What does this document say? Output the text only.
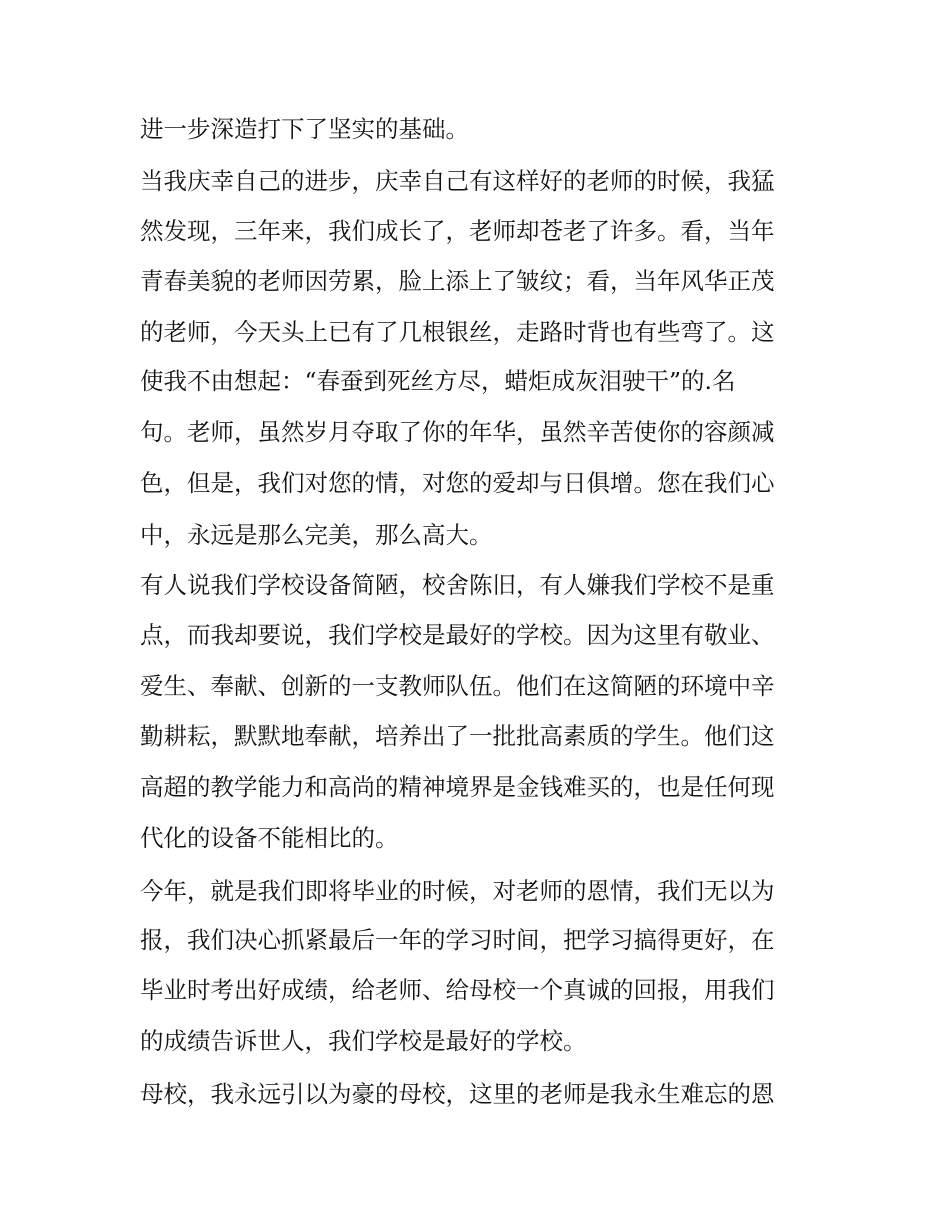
进一步深造打下了坚实的基础。
当我庆幸自己的进步，庆幸自己有这样好的老师的时候，我猛
然发现，三年来，我们成长了，老师却苍老了许多。看，当年
青春美貌的老师因劳累，脸上添上了皱纹；看，当年风华正茂
的老师，今天头上已有了几根银丝，走路时背也有些弯了。这
使我不由想起：“春蚕到死丝方尽，蜡炬成灰泪驶干”的.名
句。老师，虽然岁月夺取了你的年华，虽然辛苦使你的容颜减
色，但是，我们对您的情，对您的爱却与日俱增。您在我们心
中，永远是那么完美，那么高大。
有人说我们学校设备简陋，校舍陈旧，有人嫌我们学校不是重
点，而我却要说，我们学校是最好的学校。因为这里有敬业、
爱生、奉献、创新的一支教师队伍。他们在这简陋的环境中辛
勤耕耘，默默地奉献，培养出了一批批高素质的学生。他们这
高超的教学能力和高尚的精神境界是金钱难买的，也是任何现
代化的设备不能相比的。
今年，就是我们即将毕业的时候，对老师的恩情，我们无以为
报，我们决心抓紧最后一年的学习时间，把学习搞得更好，在
毕业时考出好成绩，给老师、给母校一个真诚的回报，用我们
的成绩告诉世人，我们学校是最好的学校。
母校，我永远引以为豪的母校，这里的老师是我永生难忘的恩
